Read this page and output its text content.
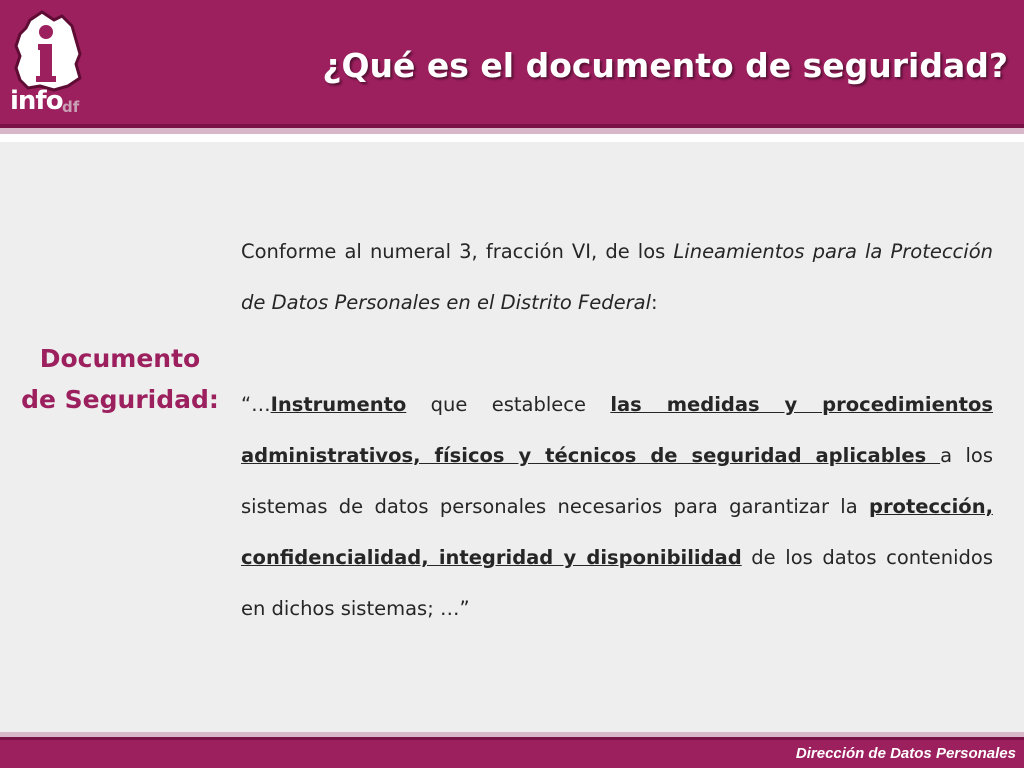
info df
¿Qué es el documento de seguridad?
Documento
de Seguridad:

Conforme al numeral 3, fracción VI, de los Lineamientos para la Protección de Datos Personales en el Distrito Federal:

“…Instrumento que establece las medidas y procedimientos administrativos, físicos y técnicos de seguridad aplicables a los sistemas de datos personales necesarios para garantizar la protección, confidencialidad, integridad y disponibilidad de los datos contenidos en dichos sistemas; …”

Dirección de Datos Personales
